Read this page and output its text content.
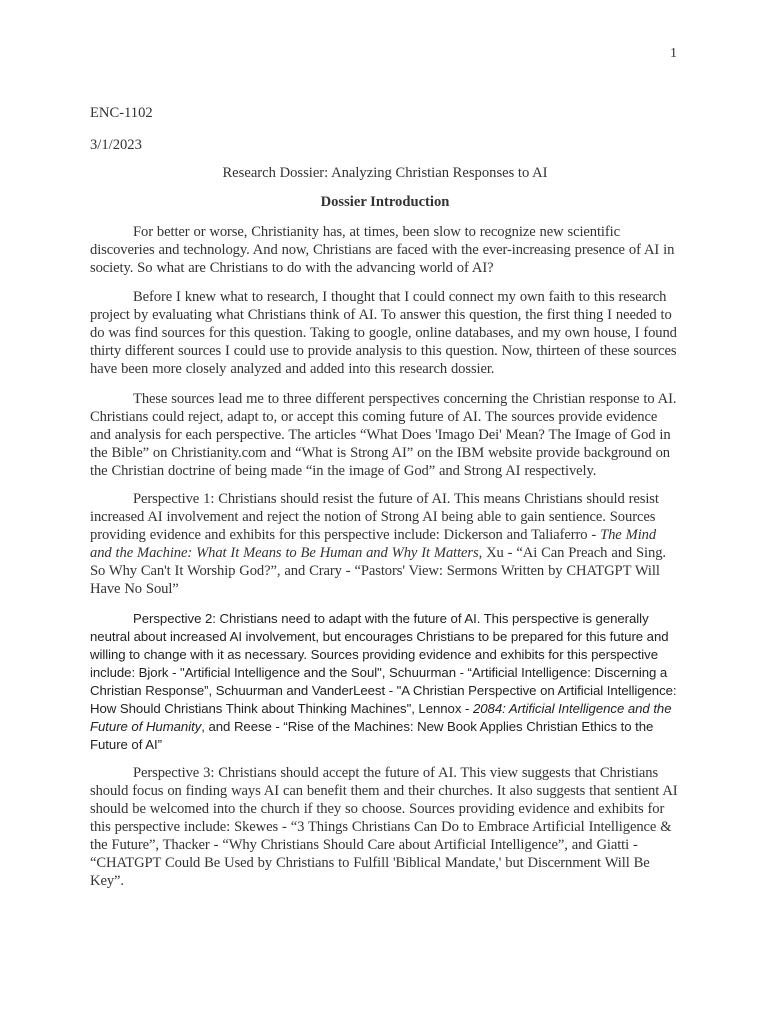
1
ENC-1102
3/1/2023
Research Dossier: Analyzing Christian Responses to AI
Dossier Introduction

For better or worse, Christianity has, at times, been slow to recognize new scientific discoveries and technology. And now, Christians are faced with the ever-increasing presence of AI in society. So what are Christians to do with the advancing world of AI?

Before I knew what to research, I thought that I could connect my own faith to this research project by evaluating what Christians think of AI. To answer this question, the first thing I needed to do was find sources for this question. Taking to google, online databases, and my own house, I found thirty different sources I could use to provide analysis to this question. Now, thirteen of these sources have been more closely analyzed and added into this research dossier.

These sources lead me to three different perspectives concerning the Christian response to AI. Christians could reject, adapt to, or accept this coming future of AI. The sources provide evidence and analysis for each perspective. The articles “What Does 'Imago Dei' Mean? The Image of God in the Bible” on Christianity.com and “What is Strong AI” on the IBM website provide background on the Christian doctrine of being made “in the image of God” and Strong AI respectively.

Perspective 1: Christians should resist the future of AI. This means Christians should resist increased AI involvement and reject the notion of Strong AI being able to gain sentience. Sources providing evidence and exhibits for this perspective include: Dickerson and Taliaferro - The Mind and the Machine: What It Means to Be Human and Why It Matters, Xu - “Ai Can Preach and Sing. So Why Can't It Worship God?”, and Crary - “Pastors' View: Sermons Written by CHATGPT Will Have No Soul”

Perspective 2: Christians need to adapt with the future of AI. This perspective is generally neutral about increased AI involvement, but encourages Christians to be prepared for this future and willing to change with it as necessary. Sources providing evidence and exhibits for this perspective include: Bjork - "Artificial Intelligence and the Soul", Schuurman - “Artificial Intelligence: Discerning a Christian Response”, Schuurman and VanderLeest - "A Christian Perspective on Artificial Intelligence: How Should Christians Think about Thinking Machines", Lennox - 2084: Artificial Intelligence and the Future of Humanity, and Reese - “Rise of the Machines: New Book Applies Christian Ethics to the Future of AI”

Perspective 3: Christians should accept the future of AI. This view suggests that Christians should focus on finding ways AI can benefit them and their churches. It also suggests that sentient AI should be welcomed into the church if they so choose. Sources providing evidence and exhibits for this perspective include: Skewes - “3 Things Christians Can Do to Embrace Artificial Intelligence & the Future”, Thacker - “Why Christians Should Care about Artificial Intelligence”, and Giatti - “CHATGPT Could Be Used by Christians to Fulfill 'Biblical Mandate,' but Discernment Will Be Key”.
